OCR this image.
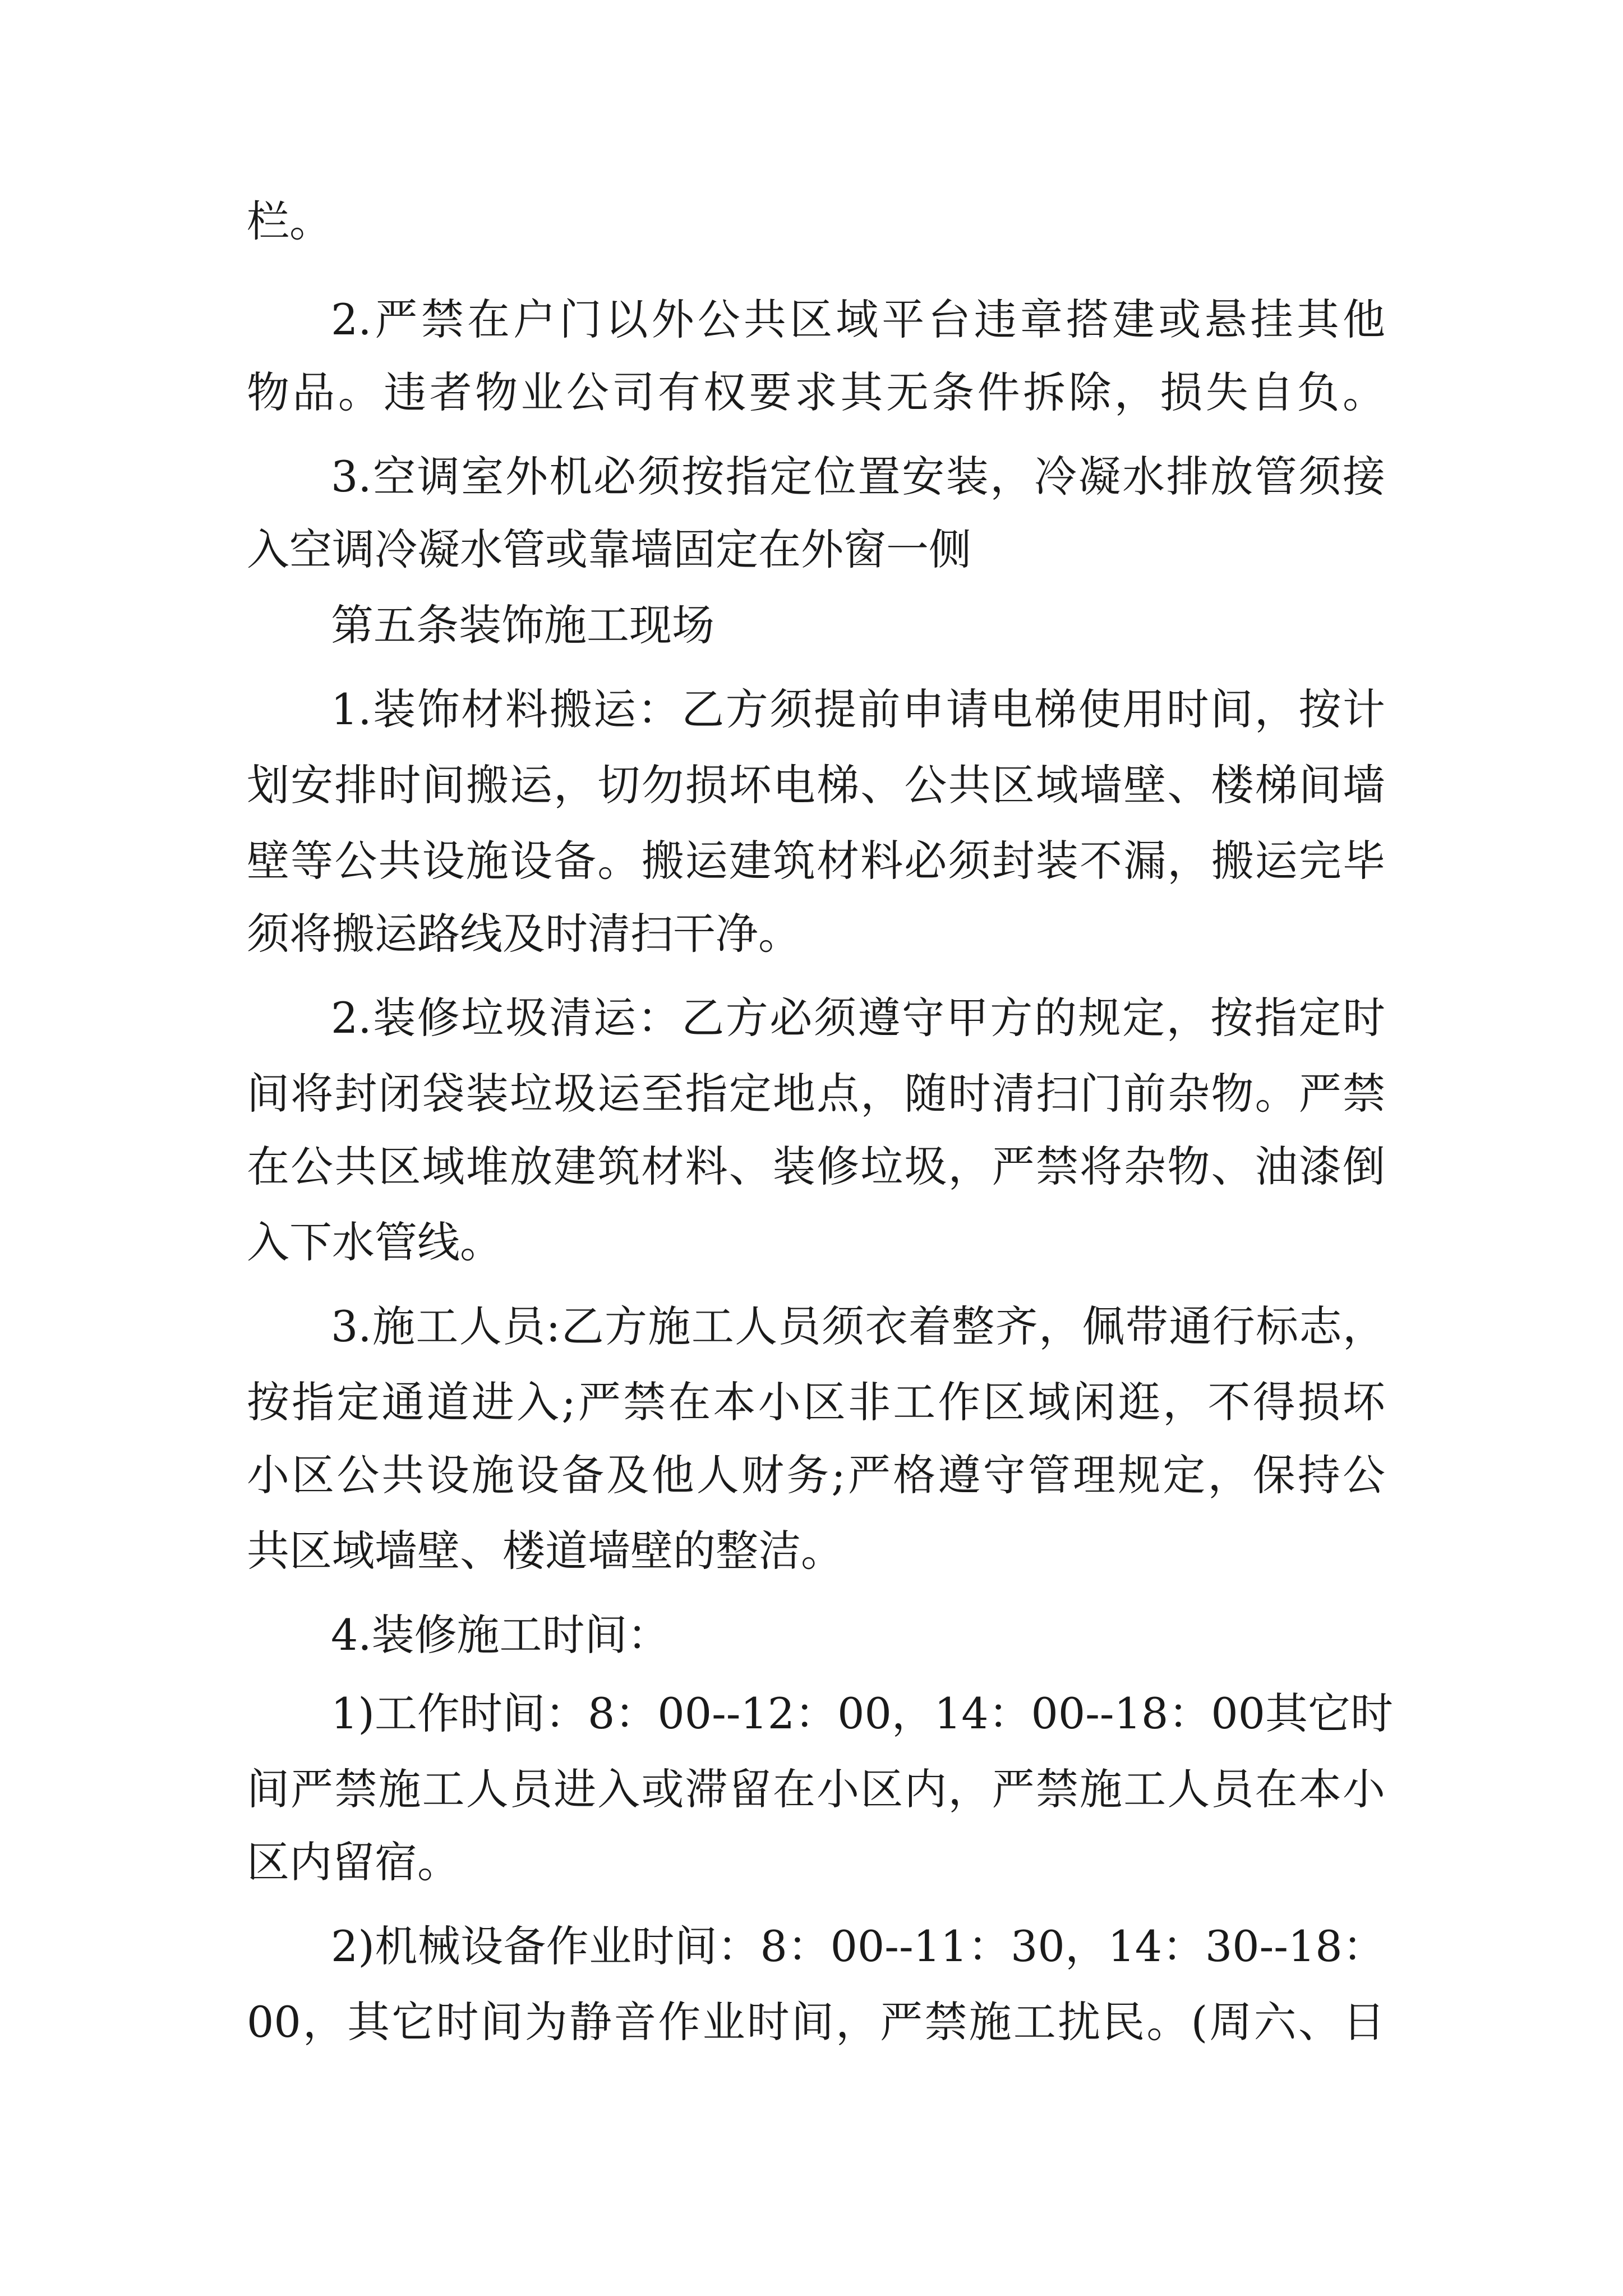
栏。
2.严禁在户门以外公共区域平台违章搭建或悬挂其他
物品。违者物业公司有权要求其无条件拆除，损失自负。
3.空调室外机必须按指定位置安装，冷凝水排放管须接
入空调冷凝水管或靠墙固定在外窗一侧
第五条装饰施工现场
1.装饰材料搬运：乙方须提前申请电梯使用时间，按计
划安排时间搬运，切勿损坏电梯、公共区域墙壁、楼梯间墙
壁等公共设施设备。搬运建筑材料必须封装不漏，搬运完毕
须将搬运路线及时清扫干净。
2.装修垃圾清运：乙方必须遵守甲方的规定，按指定时
间将封闭袋装垃圾运至指定地点，随时清扫门前杂物。严禁
在公共区域堆放建筑材料、装修垃圾，严禁将杂物、油漆倒
入下水管线。
3.施工人员:乙方施工人员须衣着整齐，佩带通行标志，
按指定通道进入;严禁在本小区非工作区域闲逛，不得损坏
小区公共设施设备及他人财务;严格遵守管理规定，保持公
共区域墙壁、楼道墙壁的整洁。
4.装修施工时间：
1)工作时间：8：00--12：00，14：00--18：00其它时
间严禁施工人员进入或滞留在小区内，严禁施工人员在本小
区内留宿。
2)机械设备作业时间：8：00--11：30，14：30--18：
00，其它时间为静音作业时间，严禁施工扰民。(周六、日
